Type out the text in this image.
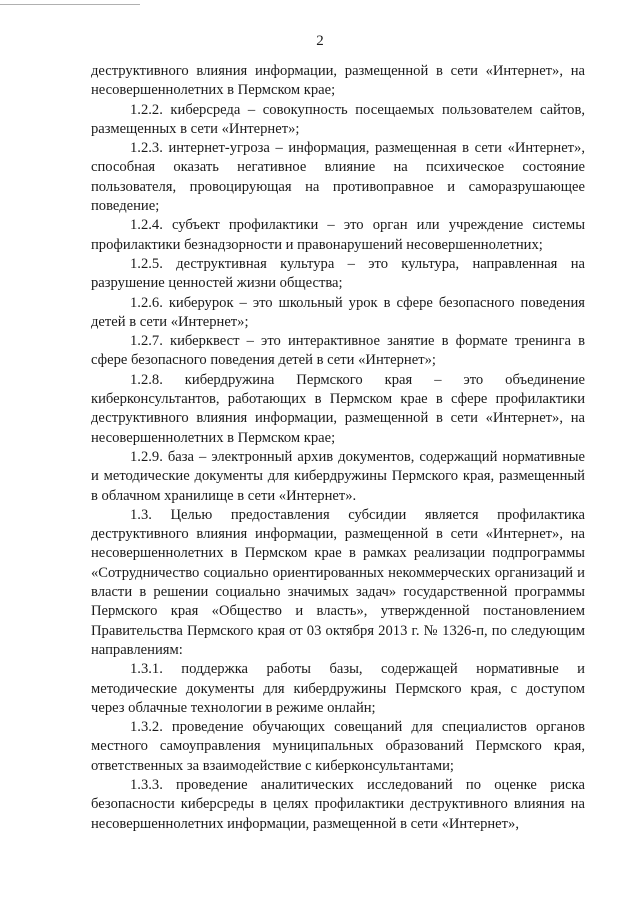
2

деструктивного влияния информации, размещенной в сети «Интернет», на несовершеннолетних в Пермском крае;

1.2.2. киберсреда – совокупность посещаемых пользователем сайтов, размещенных в сети «Интернет»;

1.2.3. интернет-угроза – информация, размещенная в сети «Интернет», способная оказать негативное влияние на психическое состояние пользователя, провоцирующая на противоправное и саморазрушающее поведение;

1.2.4. субъект профилактики – это орган или учреждение системы профилактики безнадзорности и правонарушений несовершеннолетних;

1.2.5. деструктивная культура – это культура, направленная на разрушение ценностей жизни общества;

1.2.6. киберурок – это школьный урок в сфере безопасного поведения детей в сети «Интернет»;

1.2.7. киберквест – это интерактивное занятие в формате тренинга в сфере безопасного поведения детей в сети «Интернет»;

1.2.8. кибердружина Пермского края – это объединение киберконсультантов, работающих в Пермском крае в сфере профилактики деструктивного влияния информации, размещенной в сети «Интернет», на несовершеннолетних в Пермском крае;

1.2.9. база – электронный архив документов, содержащий нормативные и методические документы для кибердружины Пермского края, размещенный в облачном хранилище в сети «Интернет».

1.3. Целью предоставления субсидии является профилактика деструктивного влияния информации, размещенной в сети «Интернет», на несовершеннолетних в Пермском крае в рамках реализации подпрограммы «Сотрудничество социально ориентированных некоммерческих организаций и власти в решении социально значимых задач» государственной программы Пермского края «Общество и власть», утвержденной постановлением Правительства Пермского края от 03 октября 2013 г. № 1326-п, по следующим направлениям:

1.3.1. поддержка работы базы, содержащей нормативные и методические документы для кибердружины Пермского края, с доступом через облачные технологии в режиме онлайн;

1.3.2. проведение обучающих совещаний для специалистов органов местного самоуправления муниципальных образований Пермского края, ответственных за взаимодействие с киберконсультантами;

1.3.3. проведение аналитических исследований по оценке риска безопасности киберсреды в целях профилактики деструктивного влияния на несовершеннолетних информации, размещенной в сети «Интернет»,
